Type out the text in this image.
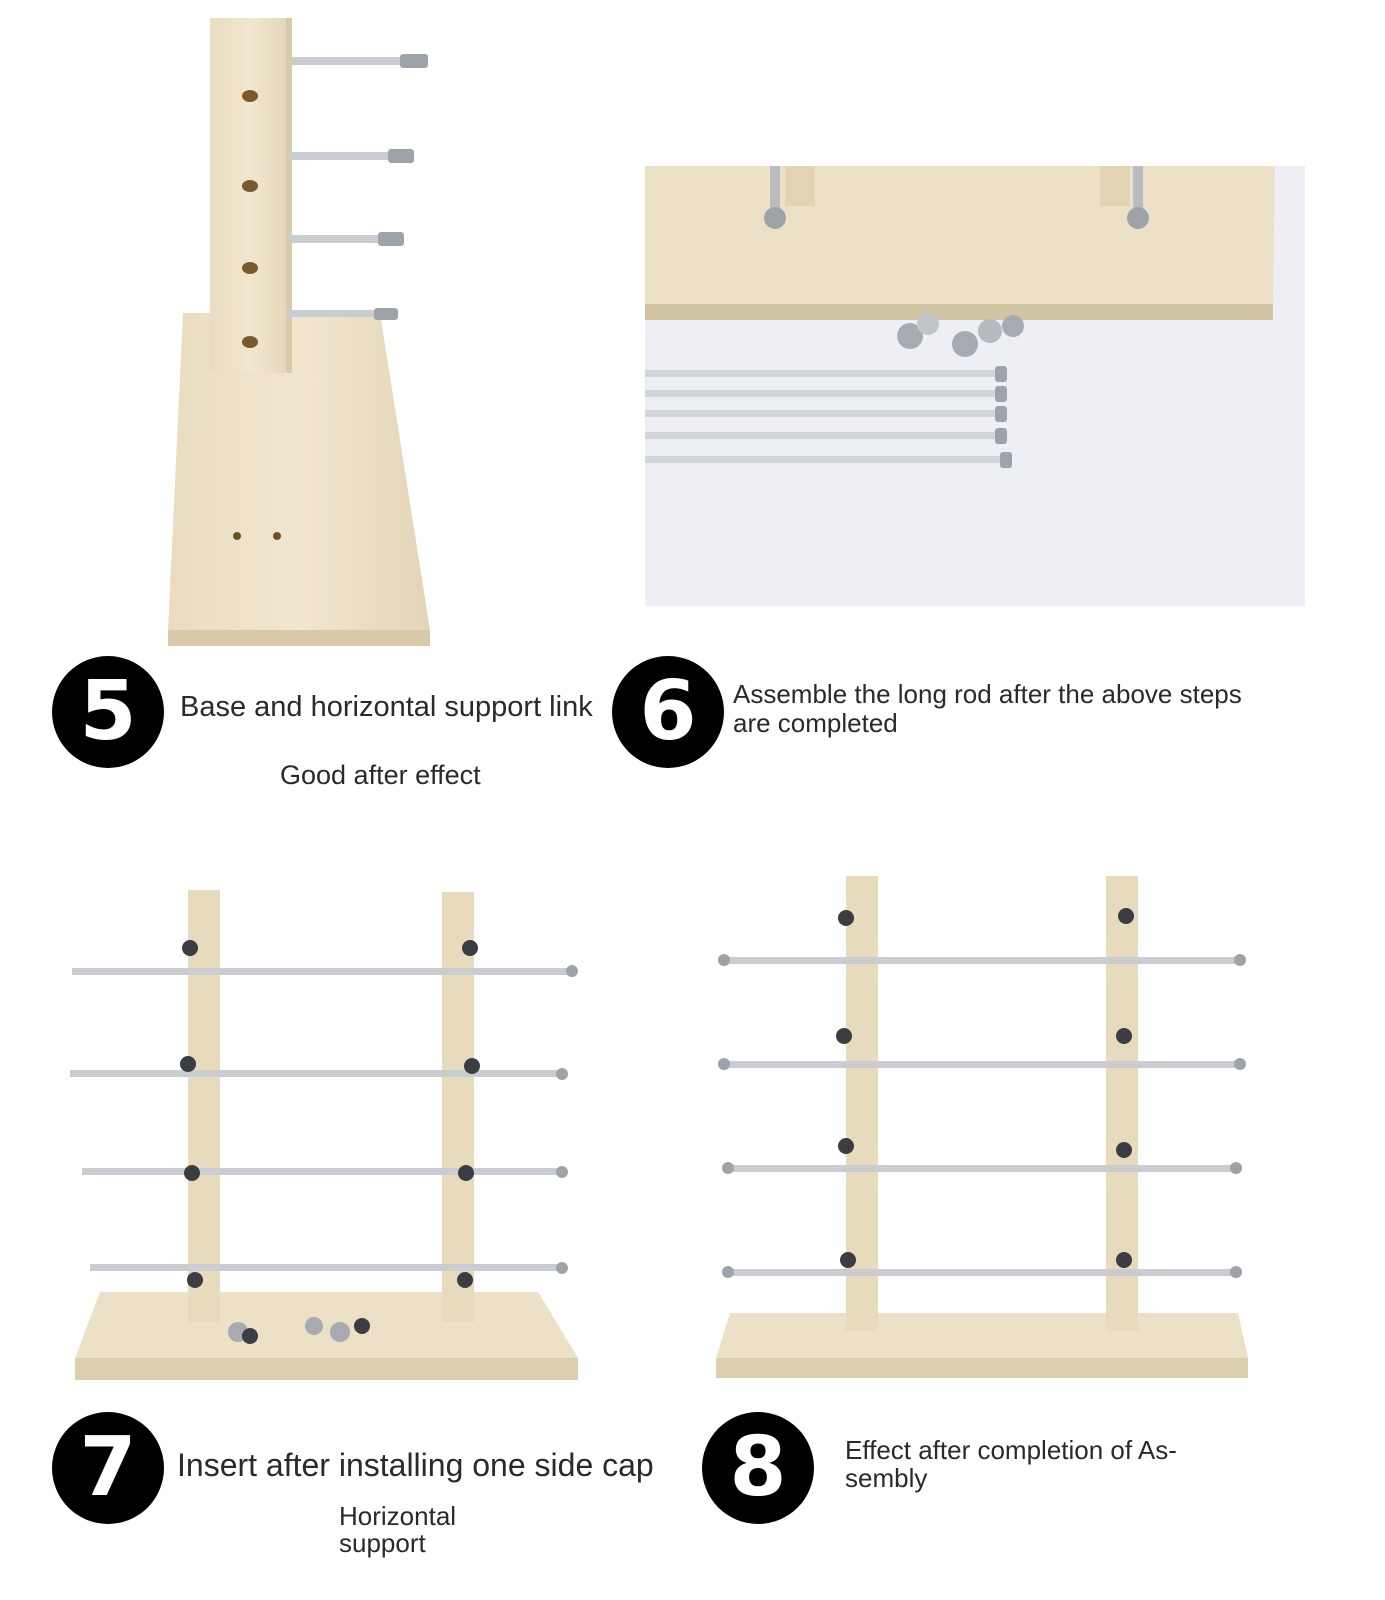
5	Base and horizontal support link
Good after effect
6	Assemble the long rod after the above steps
are completed
7	Insert after installing one side cap
Horizontal
support
8	Effect after completion of As-
sembly
